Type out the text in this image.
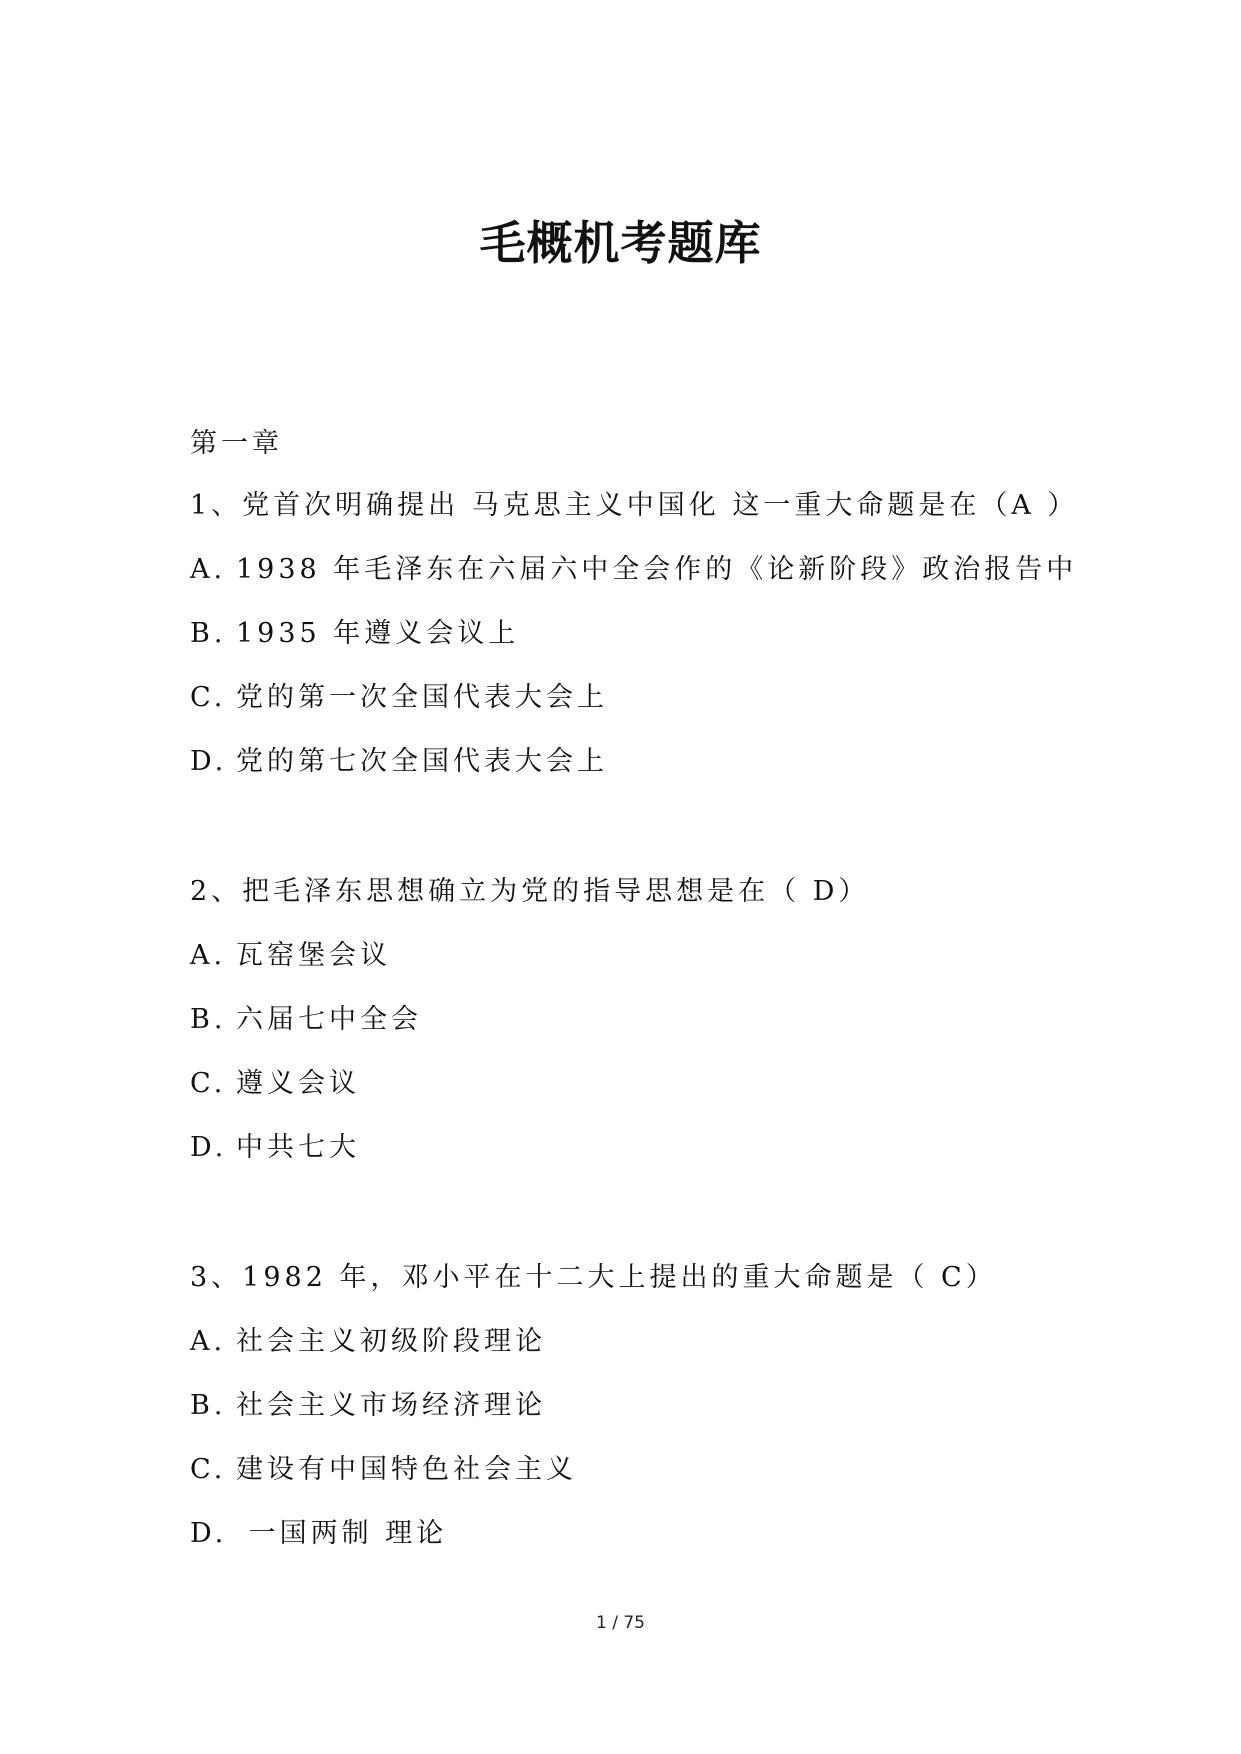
毛概机考题库
第一章
1、党首次明确提出 马克思主义中国化 这一重大命题是在（A ）
A. 1938 年毛泽东在六届六中全会作的《论新阶段》政治报告中
B. 1935 年遵义会议上
C. 党的第一次全国代表大会上
D. 党的第七次全国代表大会上
2、把毛泽东思想确立为党的指导思想是在（ D）
A. 瓦窑堡会议
B. 六届七中全会
C. 遵义会议
D. 中共七大
3、1982 年，邓小平在十二大上提出的重大命题是（ C）
A. 社会主义初级阶段理论
B. 社会主义市场经济理论
C. 建设有中国特色社会主义
D. 一国两制 理论
1 / 75
